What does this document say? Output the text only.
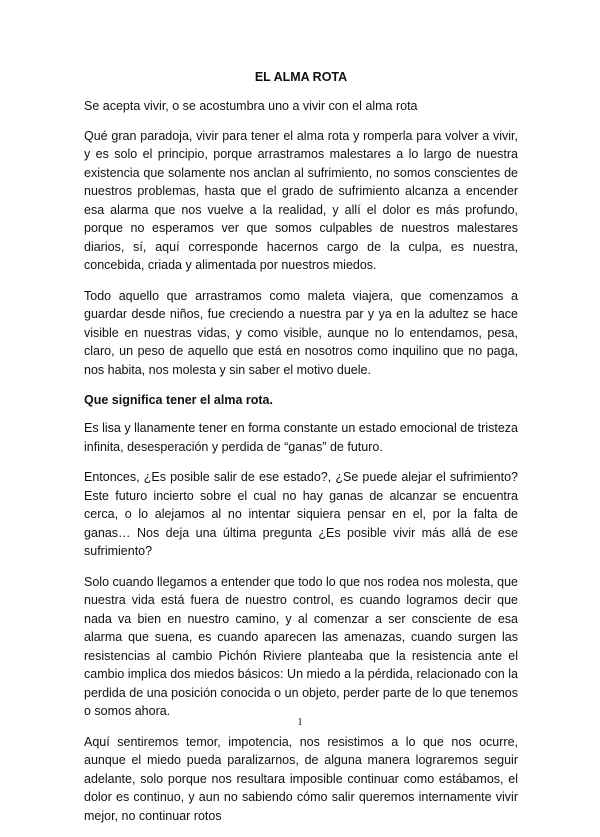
EL ALMA ROTA
Se acepta vivir, o se acostumbra uno a vivir con el alma rota
Qué gran paradoja, vivir para tener el alma rota y romperla para volver a vivir, y es solo el principio, porque arrastramos malestares a lo largo de nuestra existencia que solamente nos anclan al sufrimiento, no somos conscientes de nuestros problemas, hasta que el grado de sufrimiento alcanza a encender esa alarma que nos vuelve a la realidad, y allí el dolor es más profundo, porque no esperamos ver que somos culpables de nuestros malestares diarios, sí, aquí corresponde hacernos cargo de la culpa, es nuestra, concebida, criada y alimentada por nuestros miedos.
Todo aquello que arrastramos como maleta viajera, que comenzamos a guardar desde niños, fue creciendo a nuestra par y ya en la adultez se hace visible en nuestras vidas, y como visible, aunque no lo entendamos, pesa, claro, un peso de aquello que está en nosotros como inquilino que no paga, nos habita, nos molesta y sin saber el motivo duele.
Que significa tener el alma rota.
Es lisa y llanamente tener en forma constante un estado emocional de tristeza infinita, desesperación y perdida de “ganas” de futuro.
Entonces, ¿Es posible salir de ese estado?, ¿Se puede alejar el sufrimiento? Este futuro incierto sobre el cual no hay ganas de alcanzar se encuentra cerca, o lo alejamos al no intentar siquiera pensar en el, por la falta de ganas… Nos deja una última pregunta ¿Es posible vivir más allá de ese sufrimiento?
Solo cuando llegamos a entender que todo lo que nos rodea nos molesta, que nuestra vida está fuera de nuestro control, es cuando logramos decir que nada va bien en nuestro camino, y al comenzar a ser consciente de esa alarma que suena, es cuando aparecen las amenazas, cuando surgen las resistencias al cambio Pichón Riviere planteaba que la resistencia ante el cambio implica dos miedos básicos: Un miedo a la pérdida, relacionado con la perdida de una posición conocida o un objeto, perder parte de lo que tenemos o somos ahora.
Aquí sentiremos temor, impotencia, nos resistimos a lo que nos ocurre, aunque el miedo pueda paralizarnos, de alguna manera lograremos seguir adelante, solo porque nos resultara imposible continuar como estábamos, el dolor es continuo, y aun no sabiendo cómo salir queremos internamente vivir mejor, no continuar rotos
1
